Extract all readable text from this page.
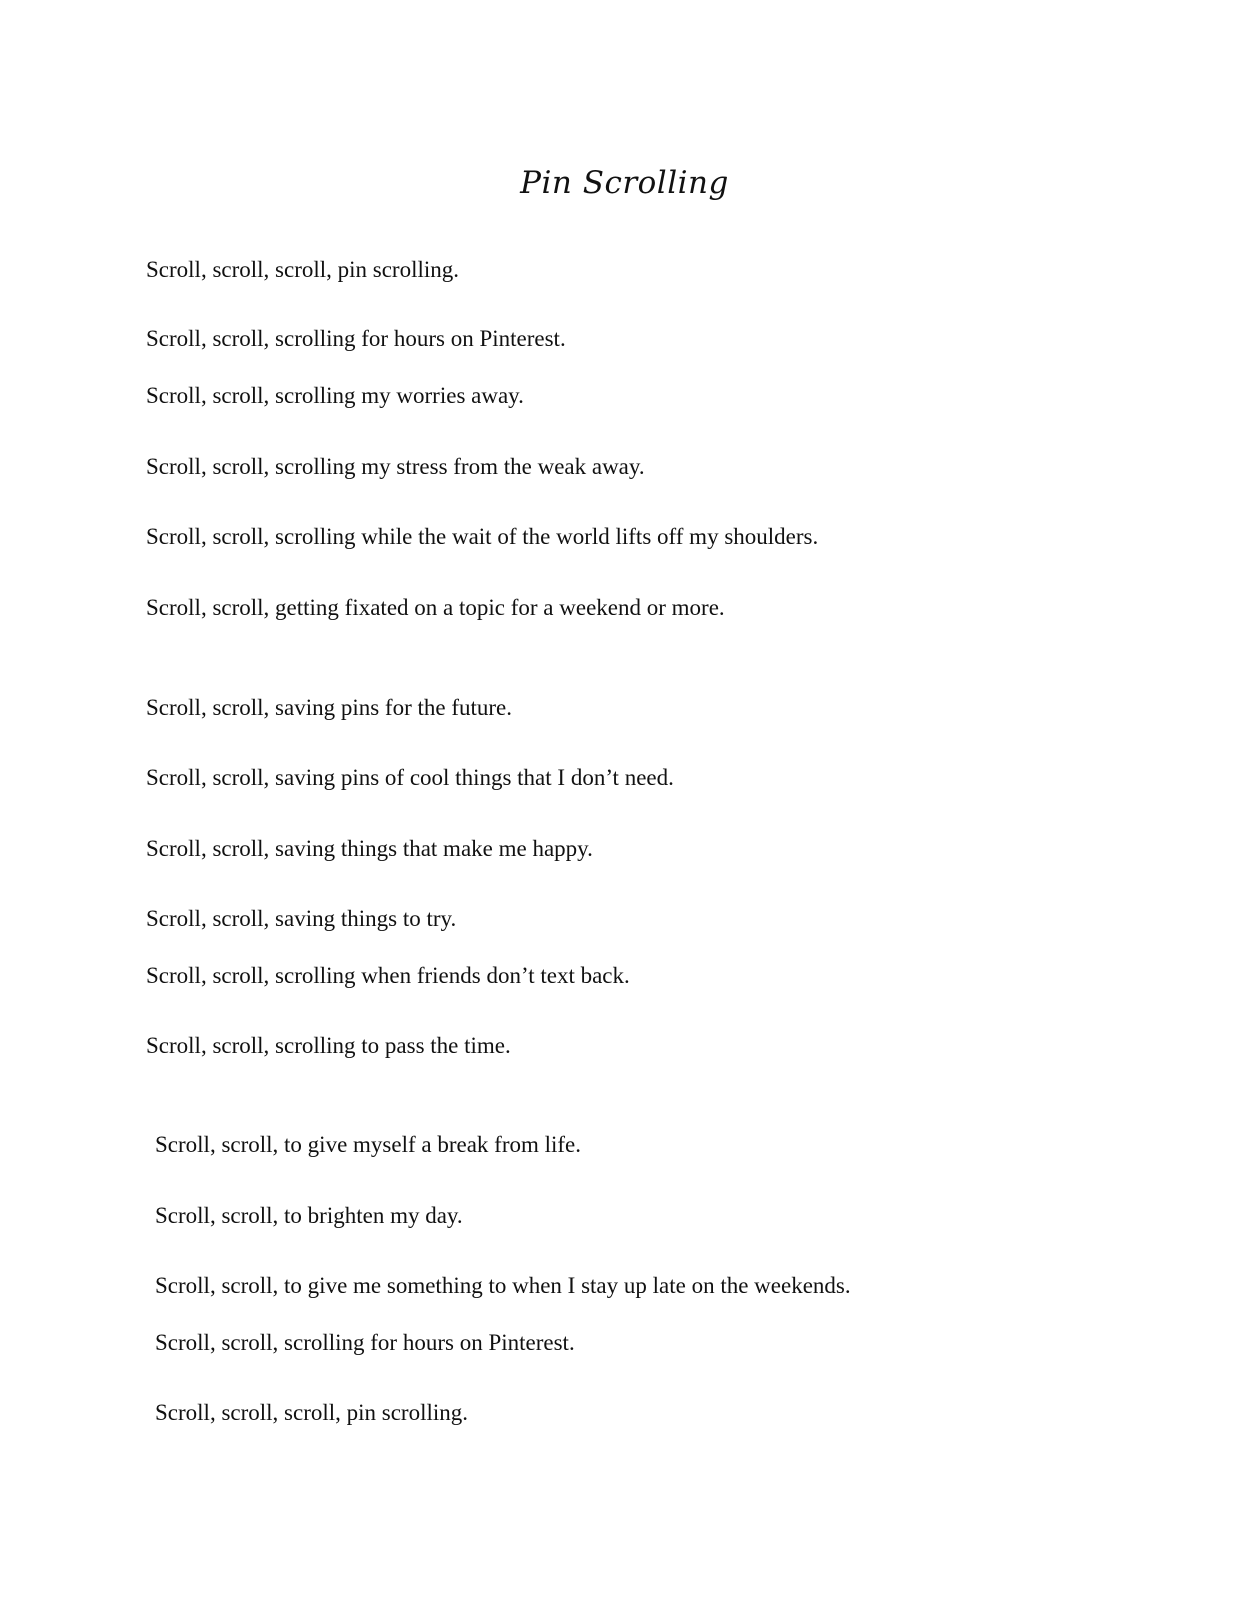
Pin Scrolling
Scroll, scroll, scroll, pin scrolling.
Scroll, scroll, scrolling for hours on Pinterest.
Scroll, scroll, scrolling my worries away.
Scroll, scroll, scrolling my stress from the weak away.
Scroll, scroll, scrolling while the wait of the world lifts off my shoulders.
Scroll, scroll, getting fixated on a topic for a weekend or more.
Scroll, scroll, saving pins for the future.
Scroll, scroll, saving pins of cool things that I don’t need.
Scroll, scroll, saving things that make me happy.
Scroll, scroll, saving things to try.
Scroll, scroll, scrolling when friends don’t text back.
Scroll, scroll, scrolling to pass the time.
Scroll, scroll, to give myself a break from life.
Scroll, scroll, to brighten my day.
Scroll, scroll, to give me something to when I stay up late on the weekends.
Scroll, scroll, scrolling for hours on Pinterest.
Scroll, scroll, scroll, pin scrolling.
